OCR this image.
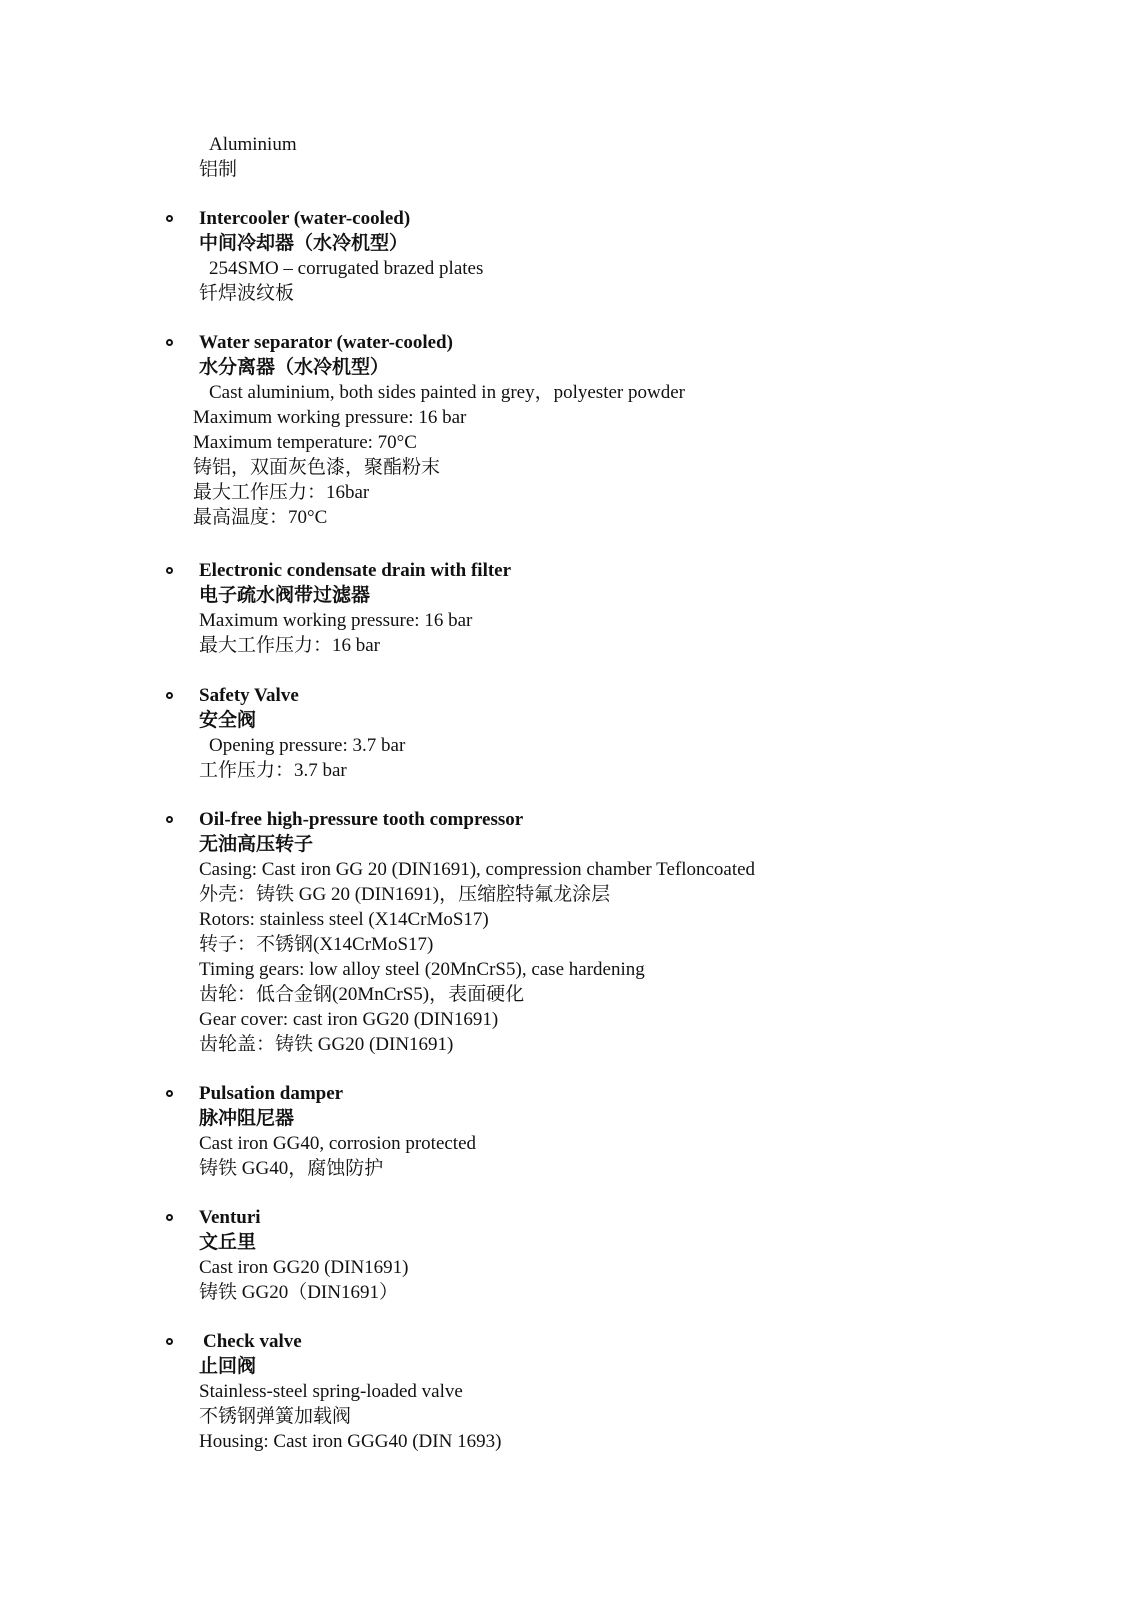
Aluminium
铝制
Intercooler (water-cooled)
中间冷却器（水冷机型）
254SMO – corrugated brazed plates
钎焊波纹板
Water separator (water-cooled)
水分离器（水冷机型）
Cast aluminium, both sides painted in grey，polyester powder
Maximum working pressure: 16 bar
Maximum temperature: 70°C
铸铝，双面灰色漆，聚酯粉末
最大工作压力：16bar
最高温度：70°C
Electronic condensate drain with filter
电子疏水阀带过滤器
Maximum working pressure: 16 bar
最大工作压力：16 bar
Safety Valve
安全阀
Opening pressure: 3.7 bar
工作压力：3.7 bar
Oil-free high-pressure tooth compressor
无油高压转子
Casing: Cast iron GG 20 (DIN1691), compression chamber Tefloncoated
外壳：铸铁 GG 20 (DIN1691)，压缩腔特氟龙涂层
Rotors: stainless steel (X14CrMoS17)
转子：不锈钢(X14CrMoS17)
Timing gears: low alloy steel (20MnCrS5), case hardening
齿轮：低合金钢(20MnCrS5)，表面硬化
Gear cover: cast iron GG20 (DIN1691)
齿轮盖：铸铁 GG20 (DIN1691)
Pulsation damper
脉冲阻尼器
Cast iron GG40, corrosion protected
铸铁 GG40，腐蚀防护
Venturi
文丘里
Cast iron GG20 (DIN1691)
铸铁 GG20（DIN1691）
Check valve
止回阀
Stainless-steel spring-loaded valve
不锈钢弹簧加载阀
Housing: Cast iron GGG40 (DIN 1693)
